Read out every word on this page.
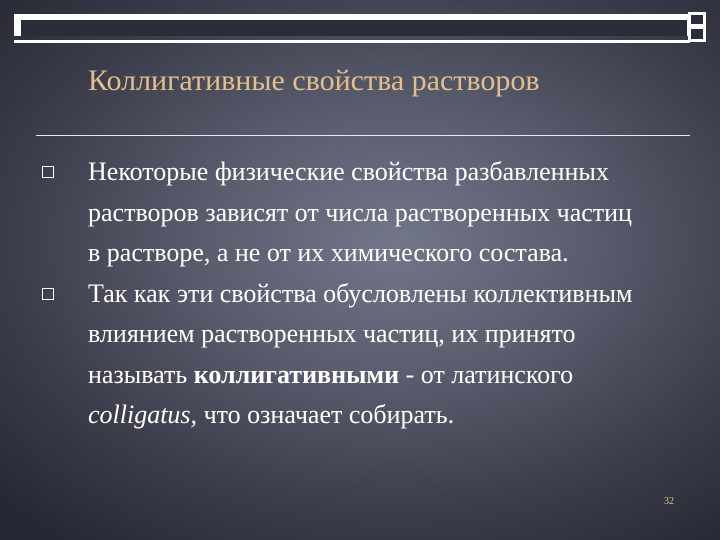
Коллигативные свойства растворов
Некоторые физические свойства разбавленных растворов зависят от числа растворенных частиц в растворе, а не от их химического состава.
Так как эти свойства обусловлены коллективным влиянием растворенных частиц, их принято называть коллигативными - от латинского colligatus, что означает собирать.
32
